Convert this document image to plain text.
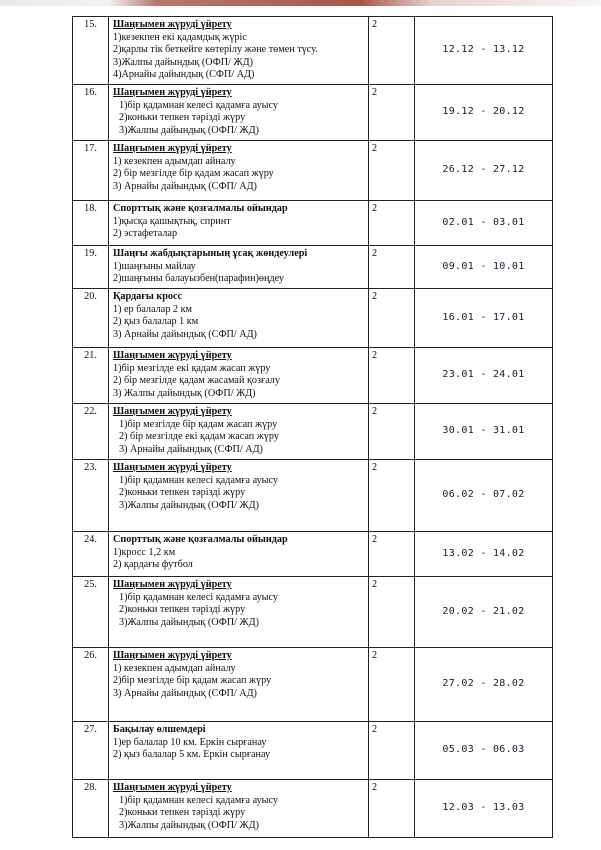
15.	Шаңғымен жүруді үйрету
1)кезекпен екі қадамдық жүріс
2)қарлы тік беткейге көтерілу және төмен түсу.
3)Жалпы дайындық (ОФП/ ЖД)
4)Арнайы дайындық (СФП/ АД)	2	12.12 - 13.12
16.	Шаңғымен жүруді үйрету
1)бір қадамнан келесі қадамға ауысу
2)коньки тепкен тәрізді жүру
3)Жалпы дайындық (ОФП/ ЖД)	2	19.12 - 20.12
17.	Шаңғымен жүруді үйрету
1) кезекпен адымдап айналу
2) бір мезгілде бір қадам жасап жүру
3) Арнайы дайындық (СФП/ АД)	2	26.12 - 27.12
18.	Спорттық және қозғалмалы ойындар
1)қысқа қашықтық, спринт
2) эстафеталар	2	02.01 - 03.01
19.	Шаңғы жабдықтарының ұсақ жөндеулері
1)шаңғыны майлау
2)шаңғыны балауызбен(парафин)өңдеу	2	09.01 - 10.01
20.	Қардағы кросс
1) ер балалар 2 км
2) қыз балалар 1 км
3) Арнайы дайындық (СФП/ АД)	2	16.01 - 17.01
21.	Шаңғымен жүруді үйрету
1)бір мезгілде екі қадам жасап жүру
2) бір мезгілде қадам жасамай қозғалу
3) Жалпы дайындық (ОФП/ ЖД)	2	23.01 - 24.01
22.	Шаңғымен жүруді үйрету
1)бір мезгілде бір қадам жасап жүру
2) бір мезгілде екі қадам жасап жүру
3) Арнайы дайындық (СФП/ АД)	2	30.01 - 31.01
23.	Шаңғымен жүруді үйрету
1)бір қадамнан келесі қадамға ауысу
2)коньки тепкен тәрізді жүру
3)Жалпы дайындық (ОФП/ ЖД)	2	06.02 - 07.02
24.	Спорттық және қозғалмалы ойындар
1)кросс 1,2 км
2) қардағы футбол	2	13.02 - 14.02
25.	Шаңғымен жүруді үйрету
1)бір қадамнан келесі қадамға ауысу
2)коньки тепкен тәрізді жүру
3)Жалпы дайындық (ОФП/ ЖД)	2	20.02 - 21.02
26.	Шаңғымен жүруді үйрету
1) кезекпен адымдап айналу
2)бір мезгілде бір қадам жасап жүру
3) Арнайы дайындық (СФП/ АД)	2	27.02 - 28.02
27.	Бақылау өлшемдері
1)ер балалар 10 км. Еркін сырғанау
2) қыз балалар 5 км. Еркін сырғанау	2	05.03 - 06.03
28.	Шаңғымен жүруді үйрету
1)бір қадамнан келесі қадамға ауысу
2)коньки тепкен тәрізді жүру
3)Жалпы дайындық (ОФП/ ЖД)	2	12.03 - 13.03
